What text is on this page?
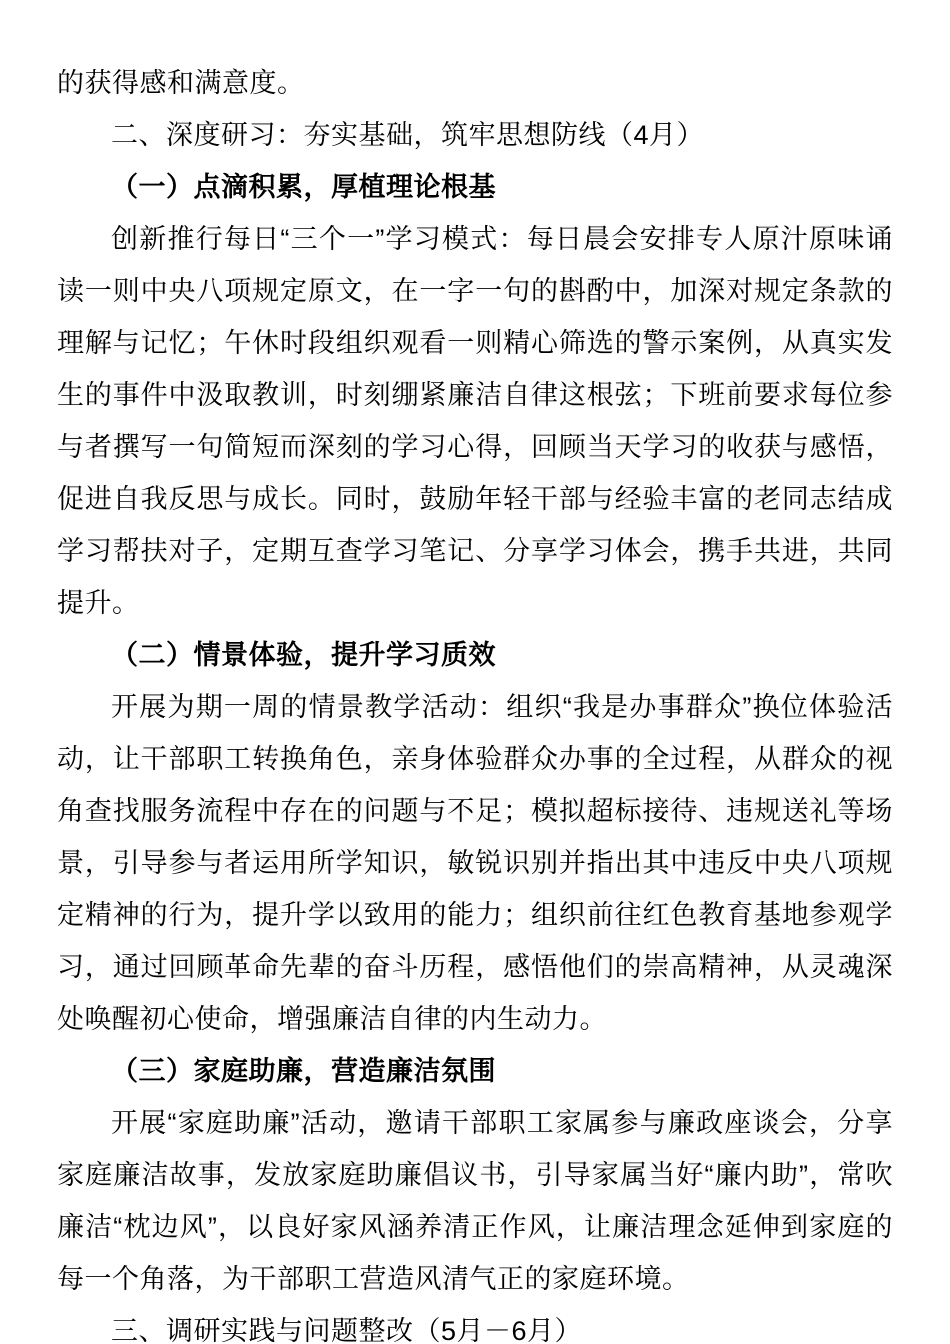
的获得感和满意度。

二、深度研习：夯实基础，筑牢思想防线（4月）

（一）点滴积累，厚植理论根基

创新推行每日“三个一”学习模式：每日晨会安排专人原汁原味诵读一则中央八项规定原文，在一字一句的斟酌中，加深对规定条款的理解与记忆；午休时段组织观看一则精心筛选的警示案例，从真实发生的事件中汲取教训，时刻绷紧廉洁自律这根弦；下班前要求每位参与者撰写一句简短而深刻的学习心得，回顾当天学习的收获与感悟，促进自我反思与成长。同时，鼓励年轻干部与经验丰富的老同志结成学习帮扶对子，定期互查学习笔记、分享学习体会，携手共进，共同提升。

（二）情景体验，提升学习质效

开展为期一周的情景教学活动：组织“我是办事群众”换位体验活动，让干部职工转换角色，亲身体验群众办事的全过程，从群众的视角查找服务流程中存在的问题与不足；模拟超标接待、违规送礼等场景，引导参与者运用所学知识，敏锐识别并指出其中违反中央八项规定精神的行为，提升学以致用的能力；组织前往红色教育基地参观学习，通过回顾革命先辈的奋斗历程，感悟他们的崇高精神，从灵魂深处唤醒初心使命，增强廉洁自律的内生动力。

（三）家庭助廉，营造廉洁氛围

开展“家庭助廉”活动，邀请干部职工家属参与廉政座谈会，分享家庭廉洁故事，发放家庭助廉倡议书，引导家属当好“廉内助”，常吹廉洁“枕边风”，以良好家风涵养清正作风，让廉洁理念延伸到家庭的每一个角落，为干部职工营造风清气正的家庭环境。

三、调研实践与问题整改（5月－6月）
